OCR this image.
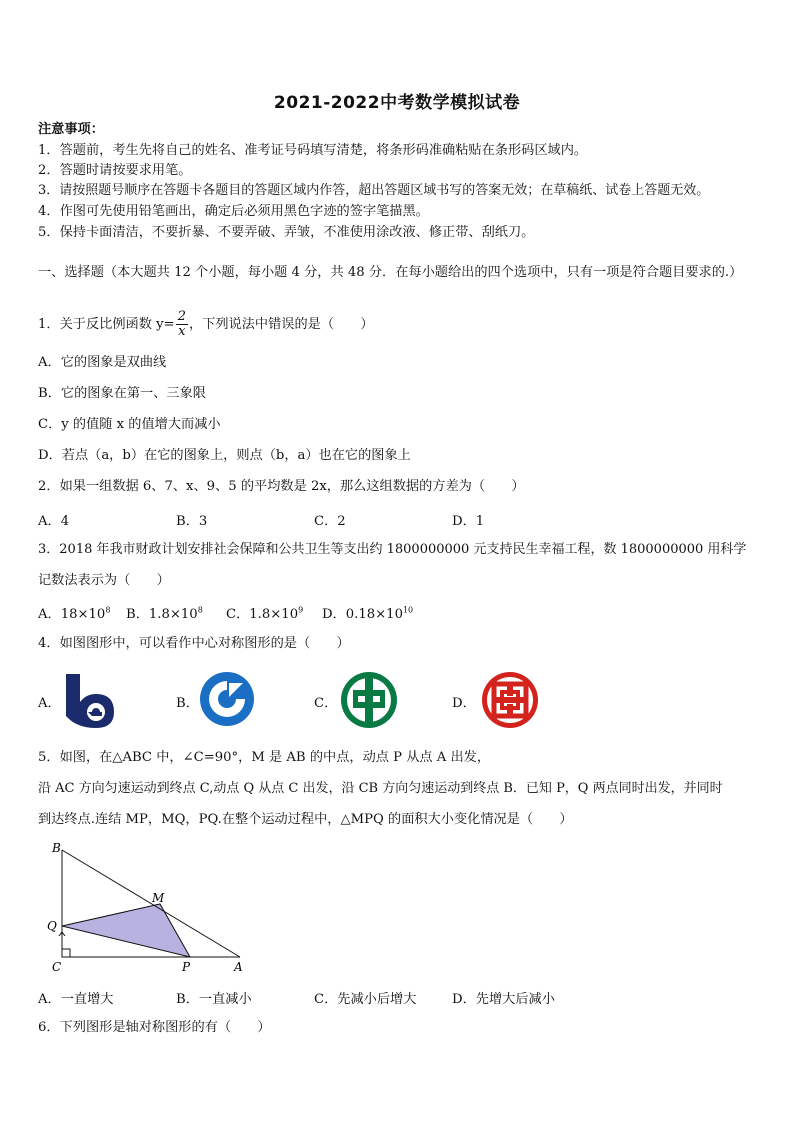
2021-2022中考数学模拟试卷
注意事项：
1．答题前，考生先将自己的姓名、准考证号码填写清楚，将条形码准确粘贴在条形码区域内。
2．答题时请按要求用笔。
3．请按照题号顺序在答题卡各题目的答题区域内作答，超出答题区域书写的答案无效；在草稿纸、试卷上答题无效。
4．作图可先使用铅笔画出，确定后必须用黑色字迹的签字笔描黑。
5．保持卡面清洁，不要折暴、不要弄破、弄皱，不准使用涂改液、修正带、刮纸刀。
一、选择题（本大题共 12 个小题，每小题 4 分，共 48 分．在每小题给出的四个选项中，只有一项是符合题目要求的.）
1．关于反比例函数 $y= \frac{2}{x}$ ，下列说法中错误的是（　　）
A．它的图象是双曲线
B．它的图象在第一、三象限
C．y 的值随 x 的值增大而减小
D．若点（a，b）在它的图象上，则点（b，a）也在它的图象上
2．如果一组数据 6、7、x、9、5 的平均数是 2x，那么这组数据的方差为（　　）
A．4	B．3	C．2	D．1
3．2018 年我市财政计划安排社会保障和公共卫生等支出约 1800000000 元支持民生幸福工程，数 1800000000 用科学
记数法表示为（　　）
A．$18\times 10^8$ B．$1.8\times 10^8$ C．$1.8\times 10^9$ D．$0.18\times 10^{10}$
4．如图图形中，可以看作中心对称图形的是（　　）
A．	B．	C．	D．
5．如图，在△ABC 中，∠C=90°，M 是 AB 的中点，动点 P 从点 A 出发，
沿 AC 方向匀速运动到终点 C,动点 Q 从点 C 出发，沿 CB 方向匀速运动到终点 B．已知 P，Q 两点同时出发，并同时
到达终点.连结 MP，MQ，PQ.在整个运动过程中，△MPQ 的面积大小变化情况是（　　）
B
M
Q
C	P	A
A．一直增大	B．一直减小	C．先减小后增大	D．先增大后减小
6．下列图形是轴对称图形的有（　　）
